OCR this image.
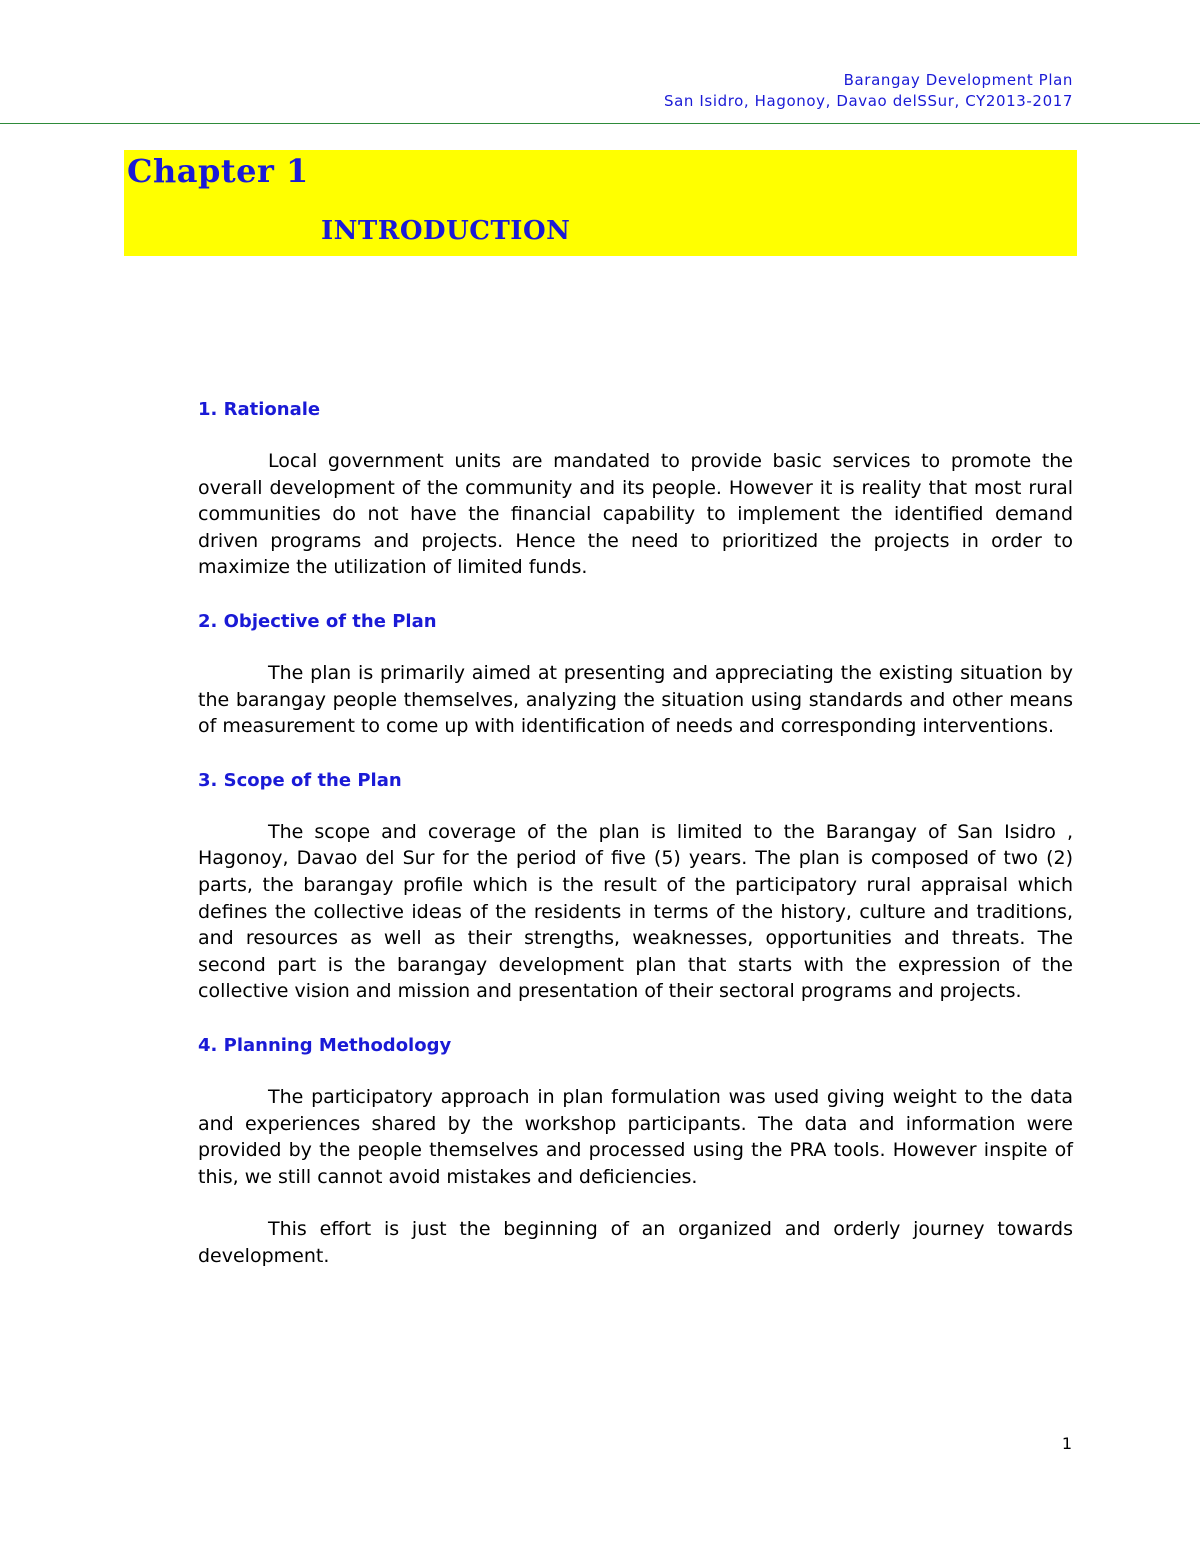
Barangay Development Plan
San Isidro, Hagonoy, Davao delSSur, CY2013-2017
Chapter 1
INTRODUCTION
1. Rationale

Local government units are mandated to provide basic services to promote the overall development of the community and its people. However it is reality that most rural communities do not have the financial capability to implement the identified demand driven programs and projects. Hence the need to prioritized the projects in order to maximize the utilization of limited funds.

2. Objective of the Plan

The plan is primarily aimed at presenting and appreciating the existing situation by the barangay people themselves, analyzing the situation using standards and other means of measurement to come up with identification of needs and corresponding interventions.

3. Scope of the Plan

The scope and coverage of the plan is limited to the Barangay of San Isidro , Hagonoy, Davao del Sur for the period of five (5) years. The plan is composed of two (2) parts, the barangay profile which is the result of the participatory rural appraisal which defines the collective ideas of the residents in terms of the history, culture and traditions, and resources as well as their strengths, weaknesses, opportunities and threats. The second part is the barangay development plan that starts with the expression of the collective vision and mission and presentation of their sectoral programs and projects.

4. Planning Methodology

The participatory approach in plan formulation was used giving weight to the data and experiences shared by the workshop participants. The data and information were provided by the people themselves and processed using the PRA tools. However inspite of this, we still cannot avoid mistakes and deficiencies.

This effort is just the beginning of an organized and orderly journey towards development.

1
